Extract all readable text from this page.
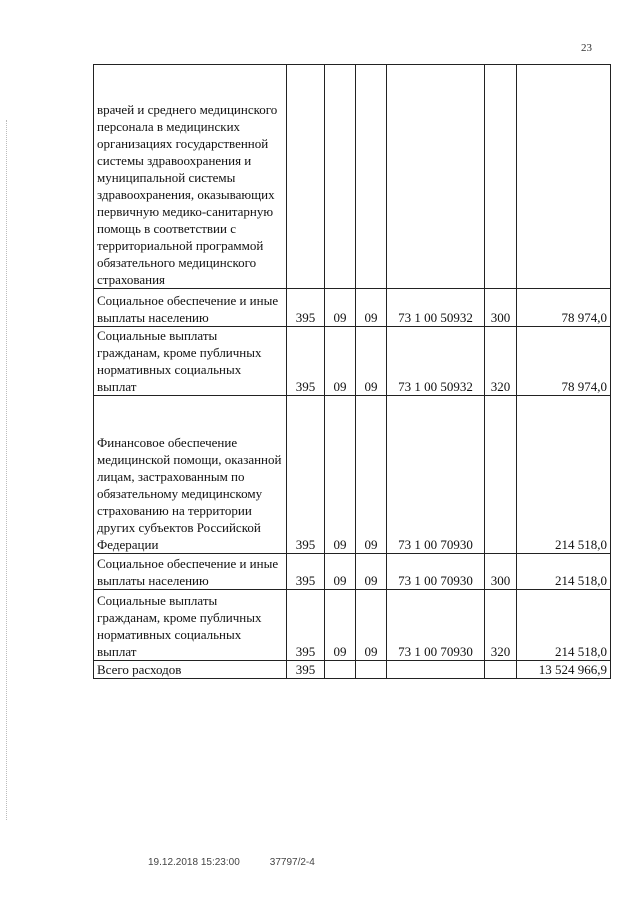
23
врачей и среднего медицинского персонала в медицинских организациях государственной системы здравоохранения и муниципальной системы здравоохранения, оказывающих первичную медико-санитарную помощь в соответствии с территориальной программой обязательного медицинского страхования						
Социальное обеспечение и иные выплаты населению	395	09	09	73 1 00 50932	300	78 974,0
Социальные выплаты гражданам, кроме публичных нормативных социальных выплат	395	09	09	73 1 00 50932	320	78 974,0
Финансовое обеспечение медицинской помощи, оказанной лицам, застрахованным по обязательному медицинскому страхованию на территории других субъектов Российской Федерации	395	09	09	73 1 00 70930		214 518,0
Социальное обеспечение и иные выплаты населению	395	09	09	73 1 00 70930	300	214 518,0
Социальные выплаты гражданам, кроме публичных нормативных социальных выплат	395	09	09	73 1 00 70930	320	214 518,0
Всего расходов	395					13 524 966,9
19.12.2018 15:23:00	37797/2-4
